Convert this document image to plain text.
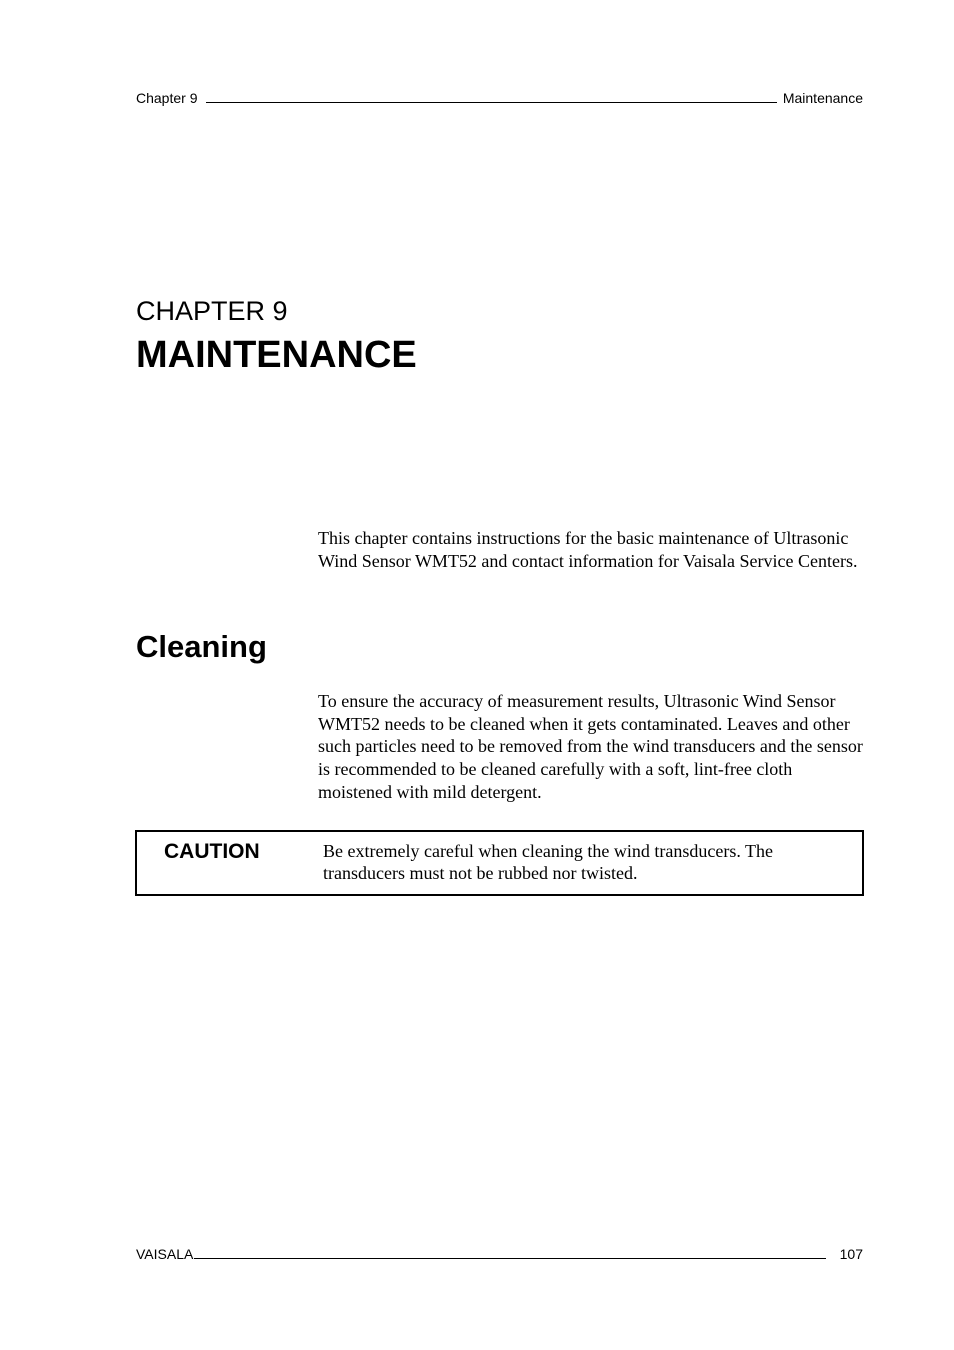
Chapter 9	Maintenance
CHAPTER 9
MAINTENANCE

This chapter contains instructions for the basic maintenance of Ultrasonic Wind Sensor WMT52 and contact information for Vaisala Service Centers.

Cleaning

To ensure the accuracy of measurement results, Ultrasonic Wind Sensor WMT52 needs to be cleaned when it gets contaminated. Leaves and other such particles need to be removed from the wind transducers and the sensor is recommended to be cleaned carefully with a soft, lint-free cloth moistened with mild detergent.

CAUTION	Be extremely careful when cleaning the wind transducers. The transducers must not be rubbed nor twisted.
VAISALA	107
